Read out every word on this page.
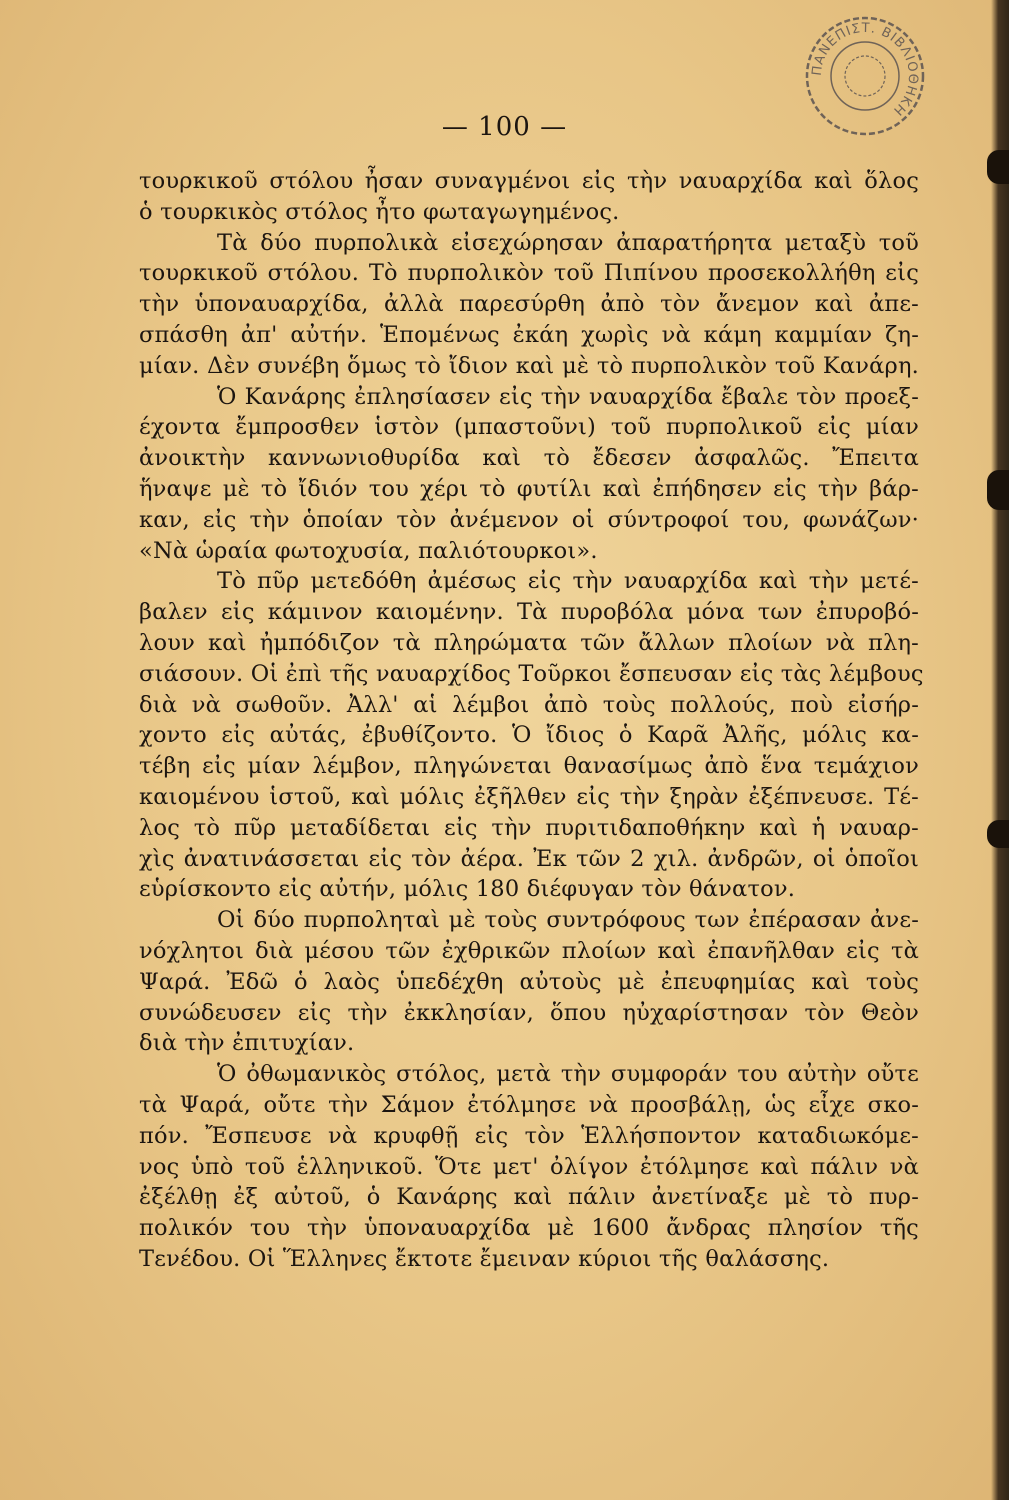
ΠΑΝΕΠΙΣΤ. ΒΙΒΛΙΟΘΗΚΗ
— 100 —
τουρκικοῦ στόλου ἦσαν συναγμένοι εἰς τὴν ναυαρχίδα καὶ ὅλος
ὁ τουρκικὸς στόλος ἦτο φωταγωγημένος.
Τὰ δύο πυρπολικὰ εἰσεχώρησαν ἀπαρατήρητα μεταξὺ τοῦ
τουρκικοῦ στόλου. Τὸ πυρπολικὸν τοῦ Πιπίνου προσεκολλήθη εἰς
τὴν ὑποναυαρχίδα, ἀλλὰ παρεσύρθη ἀπὸ τὸν ἄνεμον καὶ ἀπε-
σπάσθη ἀπ' αὐτήν. Ἑπομένως ἐκάη χωρὶς νὰ κάμη καμμίαν ζη-
μίαν. Δὲν συνέβη ὅμως τὸ ἴδιον καὶ μὲ τὸ πυρπολικὸν τοῦ Κανάρη.
Ὁ Κανάρης ἐπλησίασεν εἰς τὴν ναυαρχίδα ἔβαλε τὸν προεξ-
έχοντα ἔμπροσθεν ἱστὸν (μπαστοῦνι) τοῦ πυρπολικοῦ εἰς μίαν
ἀνοικτὴν καννωνιοθυρίδα καὶ τὸ ἔδεσεν ἀσφαλῶς. Ἔπειτα
ἥναψε μὲ τὸ ἴδιόν του χέρι τὸ φυτίλι καὶ ἐπήδησεν εἰς τὴν βάρ-
καν, εἰς τὴν ὁποίαν τὸν ἀνέμενον οἱ σύντροφοί του, φωνάζων·
«Νὰ ὡραία φωτοχυσία, παλιότουρκοι».
Τὸ πῦρ μετεδόθη ἀμέσως εἰς τὴν ναυαρχίδα καὶ τὴν μετέ-
βαλεν εἰς κάμινον καιομένην. Τὰ πυροβόλα μόνα των ἐπυροβό-
λουν καὶ ἠμπόδιζον τὰ πληρώματα τῶν ἄλλων πλοίων νὰ πλη-
σιάσουν. Οἱ ἐπὶ τῆς ναυαρχίδος Τοῦρκοι ἔσπευσαν εἰς τὰς λέμβους
διὰ νὰ σωθοῦν. Ἀλλ' αἱ λέμβοι ἀπὸ τοὺς πολλούς, ποὺ εἰσήρ-
χοντο εἰς αὐτάς, ἐβυθίζοντο. Ὁ ἴδιος ὁ Καρᾶ Ἀλῆς, μόλις κα-
τέβη εἰς μίαν λέμβον, πληγώνεται θανασίμως ἀπὸ ἕνα τεμάχιον
καιομένου ἱστοῦ, καὶ μόλις ἐξῆλθεν εἰς τὴν ξηρὰν ἐξέπνευσε. Τέ-
λος τὸ πῦρ μεταδίδεται εἰς τὴν πυριτιδαποθήκην καὶ ἡ ναυαρ-
χὶς ἀνατινάσσεται εἰς τὸν ἀέρα. Ἐκ τῶν 2 χιλ. ἀνδρῶν, οἱ ὁποῖοι
εὑρίσκοντο εἰς αὐτήν, μόλις 180 διέφυγαν τὸν θάνατον.
Οἱ δύο πυρποληταὶ μὲ τοὺς συντρόφους των ἐπέρασαν ἀνε-
νόχλητοι διὰ μέσου τῶν ἐχθρικῶν πλοίων καὶ ἐπανῆλθαν εἰς τὰ
Ψαρά. Ἐδῶ ὁ λαὸς ὑπεδέχθη αὐτοὺς μὲ ἐπευφημίας καὶ τοὺς
συνώδευσεν εἰς τὴν ἐκκλησίαν, ὅπου ηὐχαρίστησαν τὸν Θεὸν
διὰ τὴν ἐπιτυχίαν.
Ὁ ὀθωμανικὸς στόλος, μετὰ τὴν συμφοράν του αὐτὴν οὔτε
τὰ Ψαρά, οὔτε τὴν Σάμον ἐτόλμησε νὰ προσβάλῃ, ὡς εἶχε σκο-
πόν. Ἔσπευσε νὰ κρυφθῇ εἰς τὸν Ἑλλήσποντον καταδιωκόμε-
νος ὑπὸ τοῦ ἑλληνικοῦ. Ὅτε μετ' ὀλίγον ἐτόλμησε καὶ πάλιν νὰ
ἐξέλθῃ ἐξ αὐτοῦ, ὁ Κανάρης καὶ πάλιν ἀνετίναξε μὲ τὸ πυρ-
πολικόν του τὴν ὑποναυαρχίδα μὲ 1600 ἄνδρας πλησίον τῆς
Τενέδου. Οἱ Ἕλληνες ἔκτοτε ἔμειναν κύριοι τῆς θαλάσσης.
